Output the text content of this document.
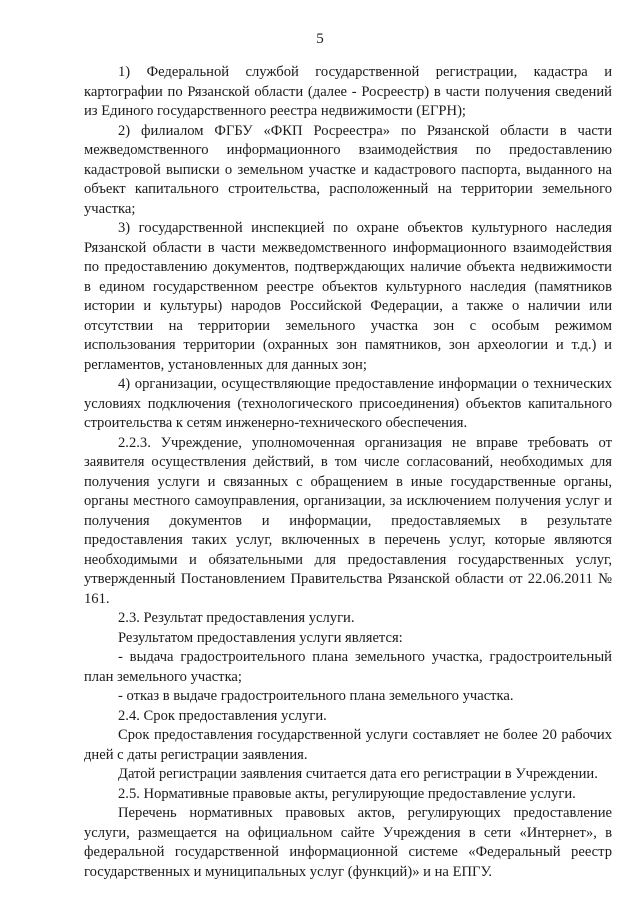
5

1) Федеральной службой государственной регистрации, кадастра и картографии по Рязанской области (далее - Росреестр) в части получения сведений из Единого государственного реестра недвижимости (ЕГРН);

2) филиалом ФГБУ «ФКП Росреестра» по Рязанской области в части межведомственного информационного взаимодействия по предоставлению кадастровой выписки о земельном участке и кадастрового паспорта, выданного на объект капитального строительства, расположенный на территории земельного участка;

3) государственной инспекцией по охране объектов культурного наследия Рязанской области в части межведомственного информационного взаимодействия по предоставлению документов, подтверждающих наличие объекта недвижимости в едином государственном реестре объектов культурного наследия (памятников истории и культуры) народов Российской Федерации, а также о наличии или отсутствии на территории земельного участка зон с особым режимом использования территории (охранных зон памятников, зон археологии и т.д.) и регламентов, установленных для данных зон;

4) организации, осуществляющие предоставление информации о технических условиях подключения (технологического присоединения) объектов капитального строительства к сетям инженерно-технического обеспечения.

2.2.3. Учреждение, уполномоченная организация не вправе требовать от заявителя осуществления действий, в том числе согласований, необходимых для получения услуги и связанных с обращением в иные государственные органы, органы местного самоуправления, организации, за исключением получения услуг и получения документов и информации, предоставляемых в результате предоставления таких услуг, включенных в перечень услуг, которые являются необходимыми и обязательными для предоставления государственных услуг, утвержденный Постановлением Правительства Рязанской области от 22.06.2011 № 161.

2.3. Результат предоставления услуги.

Результатом предоставления услуги является:

- выдача градостроительного плана земельного участка, градостроительный план земельного участка;

- отказ в выдаче градостроительного плана земельного участка.

2.4. Срок предоставления услуги.

Срок предоставления государственной услуги составляет не более 20 рабочих дней с даты регистрации заявления.

Датой регистрации заявления считается дата его регистрации в Учреждении.

2.5. Нормативные правовые акты, регулирующие предоставление услуги.

Перечень нормативных правовых актов, регулирующих предоставление услуги, размещается на официальном сайте Учреждения в сети «Интернет», в федеральной государственной информационной системе «Федеральный реестр государственных и муниципальных услуг (функций)» и на ЕПГУ.
